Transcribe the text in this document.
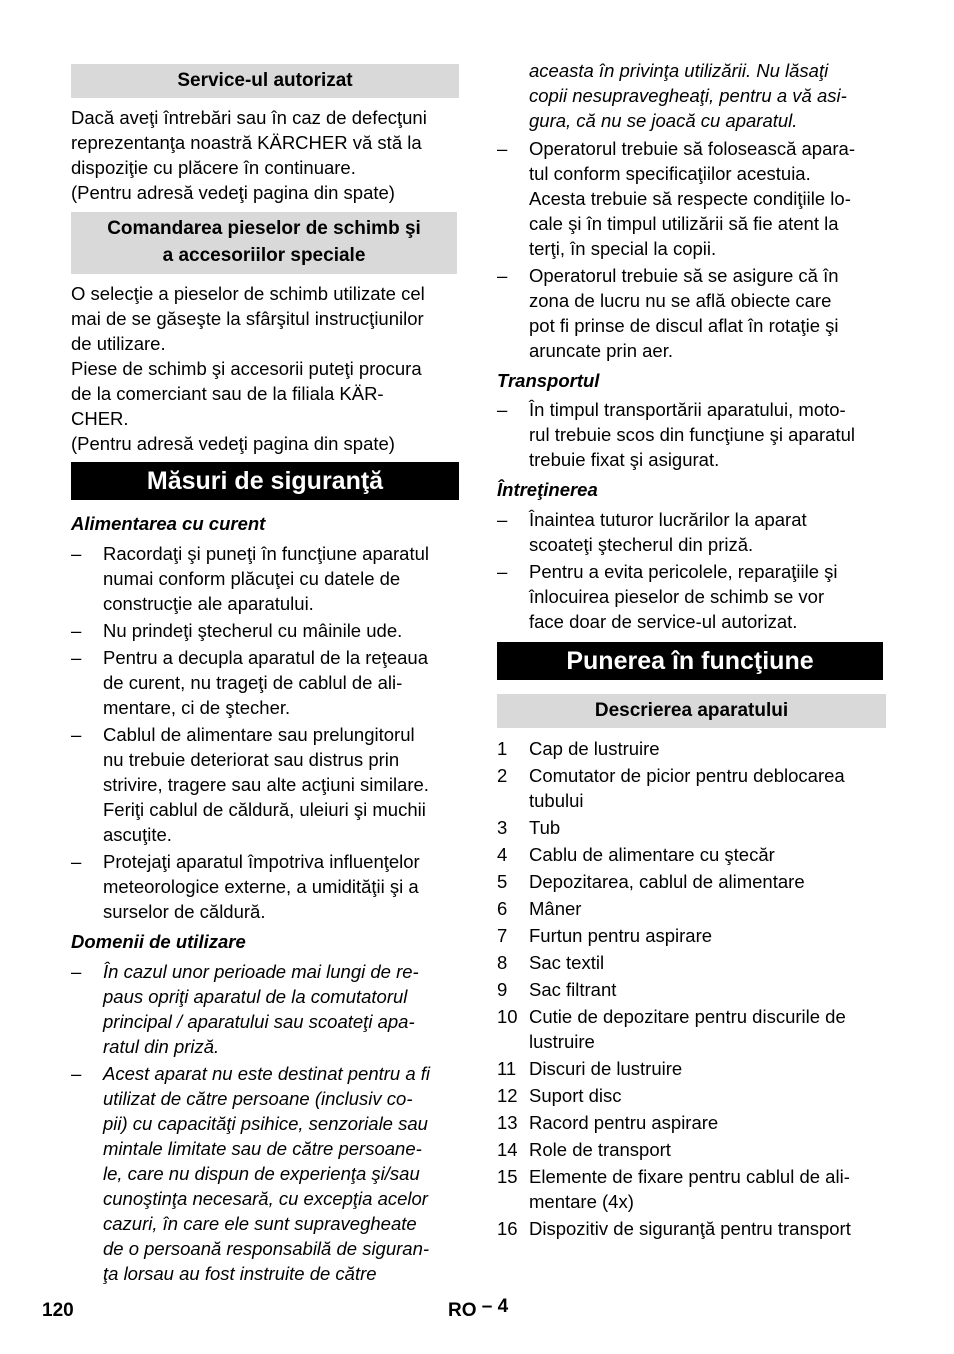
Service-ul autorizat
Dacă aveţi întrebări sau în caz de defecţuni
reprezentanţa noastră KÄRCHER vă stă la
dispoziţie cu plăcere în continuare.
(Pentru adresă vedeţi pagina din spate)
Comandarea pieselor de schimb şi
a accesoriilor speciale
O selecţie a pieselor de schimb utilizate cel
mai de se găseşte la sfârşitul instrucţiunilor
de utilizare.
Piese de schimb şi accesorii puteţi procura
de la comerciant sau de la filiala KÄR-
CHER.
(Pentru adresă vedeţi pagina din spate)
Măsuri de siguranţă
Alimentarea cu curent
– Racordaţi şi puneţi în funcţiune aparatul
numai conform plăcuţei cu datele de
construcţie ale aparatului.
– Nu prindeţi ştecherul cu mâinile ude.
– Pentru a decupla aparatul de la reţeaua
de curent, nu trageţi de cablul de ali-
mentare, ci de ştecher.
– Cablul de alimentare sau prelungitorul
nu trebuie deteriorat sau distrus prin
strivire, tragere sau alte acţiuni similare.
Feriţi cablul de căldură, uleiuri şi muchii
ascuţite.
– Protejaţi aparatul împotriva influenţelor
meteorologice externe, a umidităţii şi a
surselor de căldură.
Domenii de utilizare
– În cazul unor perioade mai lungi de re-
paus opriţi aparatul de la comutatorul
principal / aparatului sau scoateţi apa-
ratul din priză.
– Acest aparat nu este destinat pentru a fi
utilizat de către persoane (inclusiv co-
pii) cu capacităţi psihice, senzoriale sau
mintale limitate sau de către persoane-
le, care nu dispun de experienţa şi/sau
cunoştinţa necesară, cu excepţia acelor
cazuri, în care ele sunt supravegheate
de o persoană responsabilă de siguran-
ţa lorsau au fost instruite de către
aceasta în privinţa utilizării. Nu lăsaţi
copii nesupravegheaţi, pentru a vă asi-
gura, că nu se joacă cu aparatul.
– Operatorul trebuie să folosească apara-
tul conform specificaţiilor acestuia.
Acesta trebuie să respecte condiţiile lo-
cale şi în timpul utilizării să fie atent la
terţi, în special la copii.
– Operatorul trebuie să se asigure că în
zona de lucru nu se află obiecte care
pot fi prinse de discul aflat în rotaţie şi
aruncate prin aer.
Transportul
– În timpul transportării aparatului, moto-
rul trebuie scos din funcţiune şi aparatul
trebuie fixat şi asigurat.
Întreţinerea
– Înaintea tuturor lucrărilor la aparat
scoateţi ştecherul din priză.
– Pentru a evita pericolele, reparaţiile şi
înlocuirea pieselor de schimb se vor
face doar de service-ul autorizat.
Punerea în funcţiune
Descrierea aparatului
1 Cap de lustruire
2 Comutator de picior pentru deblocarea
tubului
3 Tub
4 Cablu de alimentare cu ştecăr
5 Depozitarea, cablul de alimentare
6 Mâner
7 Furtun pentru aspirare
8 Sac textil
9 Sac filtrant
10 Cutie de depozitare pentru discurile de
lustruire
11 Discuri de lustruire
12 Suport disc
13 Racord pentru aspirare
14 Role de transport
15 Elemente de fixare pentru cablul de ali-
mentare (4x)
16 Dispozitiv de siguranţă pentru transport
120	RO – 4
